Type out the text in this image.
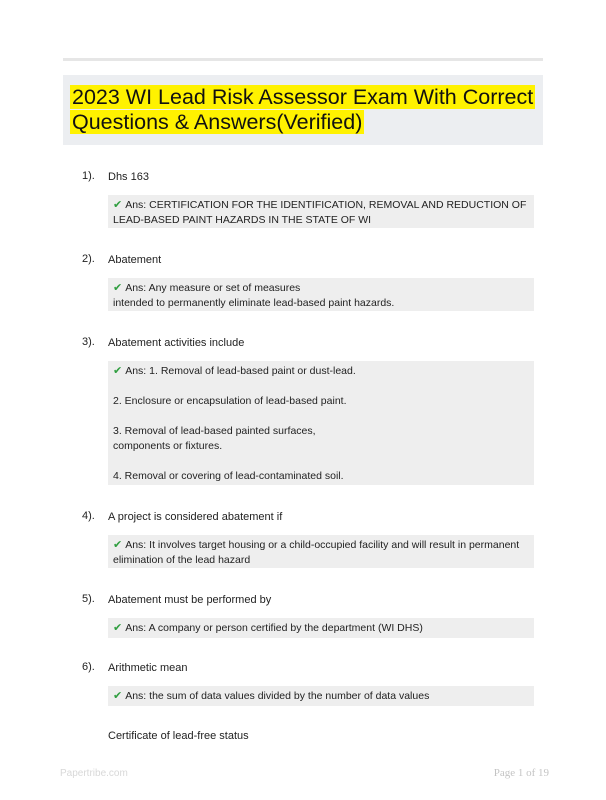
2023 WI Lead Risk Assessor Exam With Correct Questions & Answers(Verified)
1). Dhs 163
✔ Ans: CERTIFICATION FOR THE IDENTIFICATION, REMOVAL AND REDUCTION OF
LEAD-BASED PAINT HAZARDS IN THE STATE OF WI
2). Abatement
✔ Ans: Any measure or set of measures
intended to permanently eliminate lead-based paint hazards.
3). Abatement activities include
✔ Ans: 1. Removal of lead-based paint or dust-lead.

2. Enclosure or encapsulation of lead-based paint.

3. Removal of lead-based painted surfaces,
components or fixtures.

4. Removal or covering of lead-contaminated soil.
4). A project is considered abatement if
✔ Ans: It involves target housing or a child-occupied facility and will result in permanent
elimination of the lead hazard
5). Abatement must be performed by
✔ Ans: A company or person certified by the department (WI DHS)
6). Arithmetic mean
✔ Ans: the sum of data values divided by the number of data values
Certificate of lead-free status
Papertribe.com	Page 1 of 19
